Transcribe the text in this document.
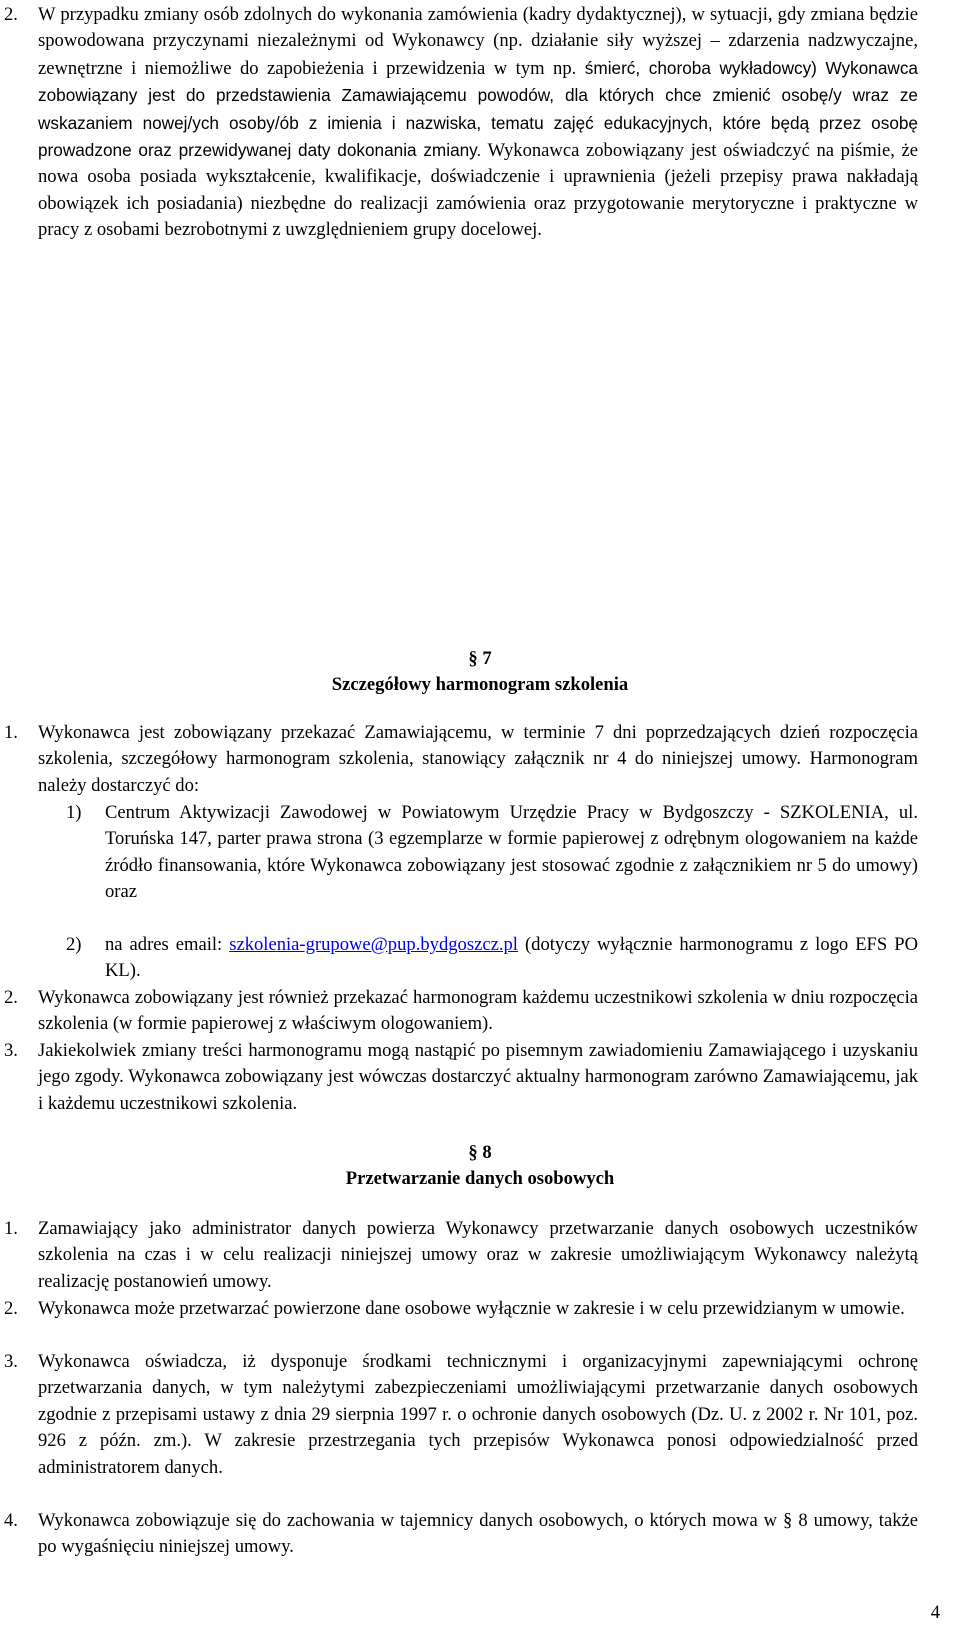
2. W przypadku zmiany osób zdolnych do wykonania zamówienia (kadry dydaktycznej), w sytuacji, gdy zmiana będzie spowodowana przyczynami niezależnymi od Wykonawcy (np. działanie siły wyższej – zdarzenia nadzwyczajne, zewnętrzne i niemożliwe do zapobieżenia i przewidzenia w tym np. śmierć, choroba wykładowcy) Wykonawca zobowiązany jest do przedstawienia Zamawiającemu powodów, dla których chce zmienić osobę/y wraz ze wskazaniem nowej/ych osoby/ób z imienia i nazwiska, tematu zajęć edukacyjnych, które będą przez osobę prowadzone oraz przewidywanej daty dokonania zmiany. Wykonawca zobowiązany jest oświadczyć na piśmie, że nowa osoba posiada wykształcenie, kwalifikacje, doświadczenie i uprawnienia (jeżeli przepisy prawa nakładają obowiązek ich posiadania) niezbędne do realizacji zamówienia oraz przygotowanie merytoryczne i praktyczne w pracy z osobami bezrobotnymi z uwzględnieniem grupy docelowej.
§ 7
Szczegółowy harmonogram szkolenia
1. Wykonawca jest zobowiązany przekazać Zamawiającemu, w terminie 7 dni poprzedzających dzień rozpoczęcia szkolenia, szczegółowy harmonogram szkolenia, stanowiący załącznik nr 4 do niniejszej umowy. Harmonogram należy dostarczyć do:
1) Centrum Aktywizacji Zawodowej w Powiatowym Urzędzie Pracy w Bydgoszczy - SZKOLENIA, ul. Toruńska 147, parter prawa strona (3 egzemplarze w formie papierowej z odrębnym ologowaniem na każde źródło finansowania, które Wykonawca zobowiązany jest stosować zgodnie z załącznikiem nr 5 do umowy) oraz
2) na adres email: szkolenia-grupowe@pup.bydgoszcz.pl (dotyczy wyłącznie harmonogramu z logo EFS PO KL).
2. Wykonawca zobowiązany jest również przekazać harmonogram każdemu uczestnikowi szkolenia w dniu rozpoczęcia szkolenia (w formie papierowej z właściwym ologowaniem).
3. Jakiekolwiek zmiany treści harmonogramu mogą nastąpić po pisemnym zawiadomieniu Zamawiającego i uzyskaniu jego zgody. Wykonawca zobowiązany jest wówczas dostarczyć aktualny harmonogram zarówno Zamawiającemu, jak i każdemu uczestnikowi szkolenia.
§ 8
Przetwarzanie danych osobowych
1. Zamawiający jako administrator danych powierza Wykonawcy przetwarzanie danych osobowych uczestników szkolenia na czas i w celu realizacji niniejszej umowy oraz w zakresie umożliwiającym Wykonawcy należytą realizację postanowień umowy.
2. Wykonawca może przetwarzać powierzone dane osobowe wyłącznie w zakresie i w celu przewidzianym w umowie.
3. Wykonawca oświadcza, iż dysponuje środkami technicznymi i organizacyjnymi zapewniającymi ochronę przetwarzania danych, w tym należytymi zabezpieczeniami umożliwiającymi przetwarzanie danych osobowych zgodnie z przepisami ustawy z dnia 29 sierpnia 1997 r. o ochronie danych osobowych (Dz. U. z 2002 r. Nr 101, poz. 926 z późn. zm.). W zakresie przestrzegania tych przepisów Wykonawca ponosi odpowiedzialność przed administratorem danych.
4. Wykonawca zobowiązuje się do zachowania w tajemnicy danych osobowych, o których mowa w § 8 umowy, także po wygaśnięciu niniejszej umowy.
4
